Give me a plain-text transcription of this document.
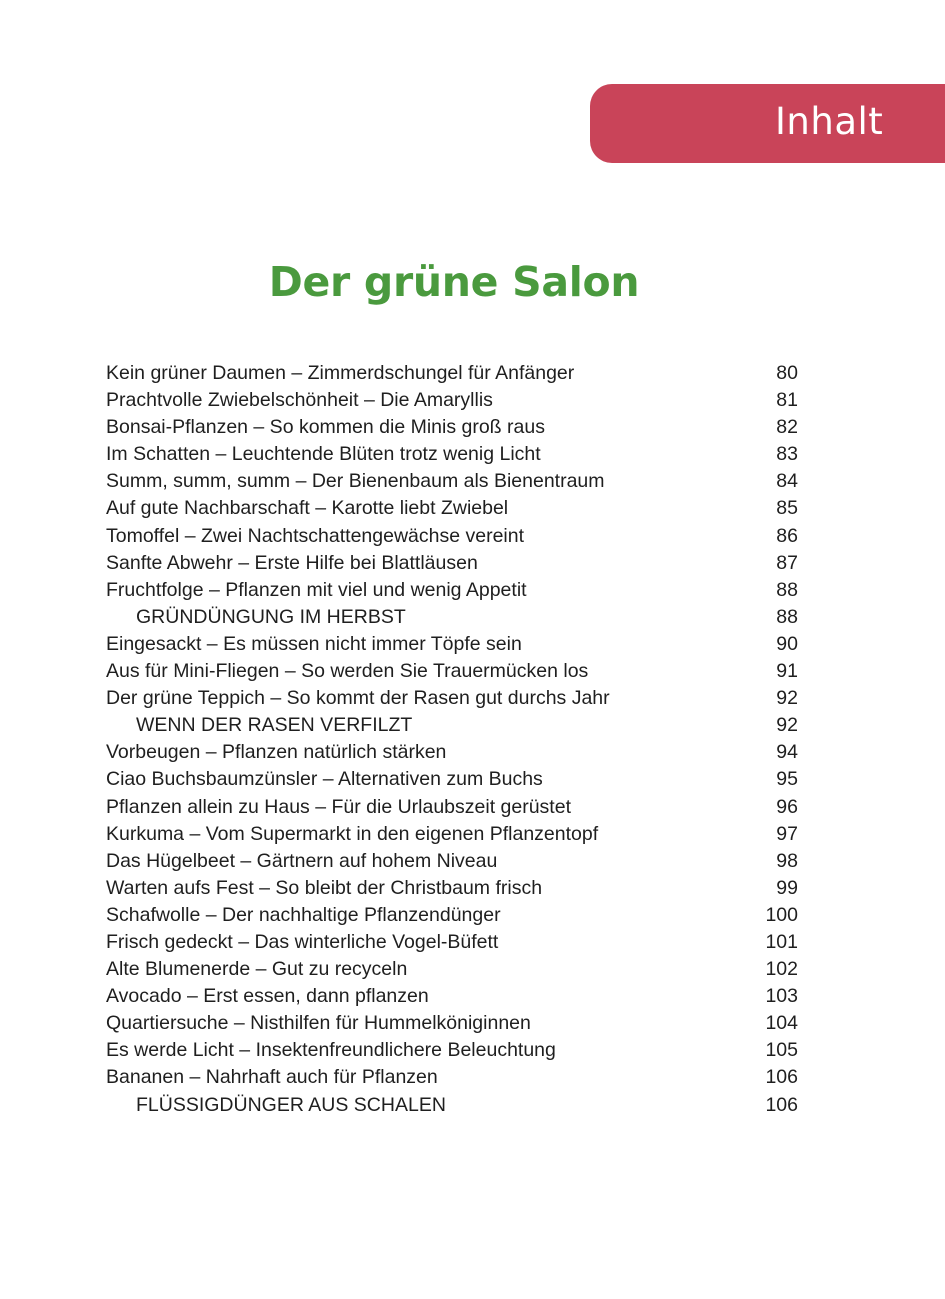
Inhalt
Der grüne Salon
Kein grüner Daumen – Zimmerdschungel für Anfänger	80
Prachtvolle Zwiebelschönheit – Die Amaryllis	81
Bonsai-Pflanzen – So kommen die Minis groß raus	82
Im Schatten – Leuchtende Blüten trotz wenig Licht	83
Summ, summ, summ – Der Bienenbaum als Bienentraum	84
Auf gute Nachbarschaft – Karotte liebt Zwiebel	85
Tomoffel – Zwei Nachtschattengewächse vereint	86
Sanfte Abwehr – Erste Hilfe bei Blattläusen	87
Fruchtfolge – Pflanzen mit viel und wenig Appetit	88
GRÜNDÜNGUNG IM HERBST	88
Eingesackt – Es müssen nicht immer Töpfe sein	90
Aus für Mini-Fliegen – So werden Sie Trauermücken los	91
Der grüne Teppich – So kommt der Rasen gut durchs Jahr	92
WENN DER RASEN VERFILZT	92
Vorbeugen – Pflanzen natürlich stärken	94
Ciao Buchsbaumzünsler – Alternativen zum Buchs	95
Pflanzen allein zu Haus – Für die Urlaubszeit gerüstet	96
Kurkuma – Vom Supermarkt in den eigenen Pflanzentopf	97
Das Hügelbeet – Gärtnern auf hohem Niveau	98
Warten aufs Fest – So bleibt der Christbaum frisch	99
Schafwolle – Der nachhaltige Pflanzendünger	100
Frisch gedeckt – Das winterliche Vogel-Büfett	101
Alte Blumenerde – Gut zu recyceln	102
Avocado – Erst essen, dann pflanzen	103
Quartiersuche – Nisthilfen für Hummelköniginnen	104
Es werde Licht – Insektenfreundlichere Beleuchtung	105
Bananen – Nahrhaft auch für Pflanzen	106
FLÜSSIGDÜNGER AUS SCHALEN	106
